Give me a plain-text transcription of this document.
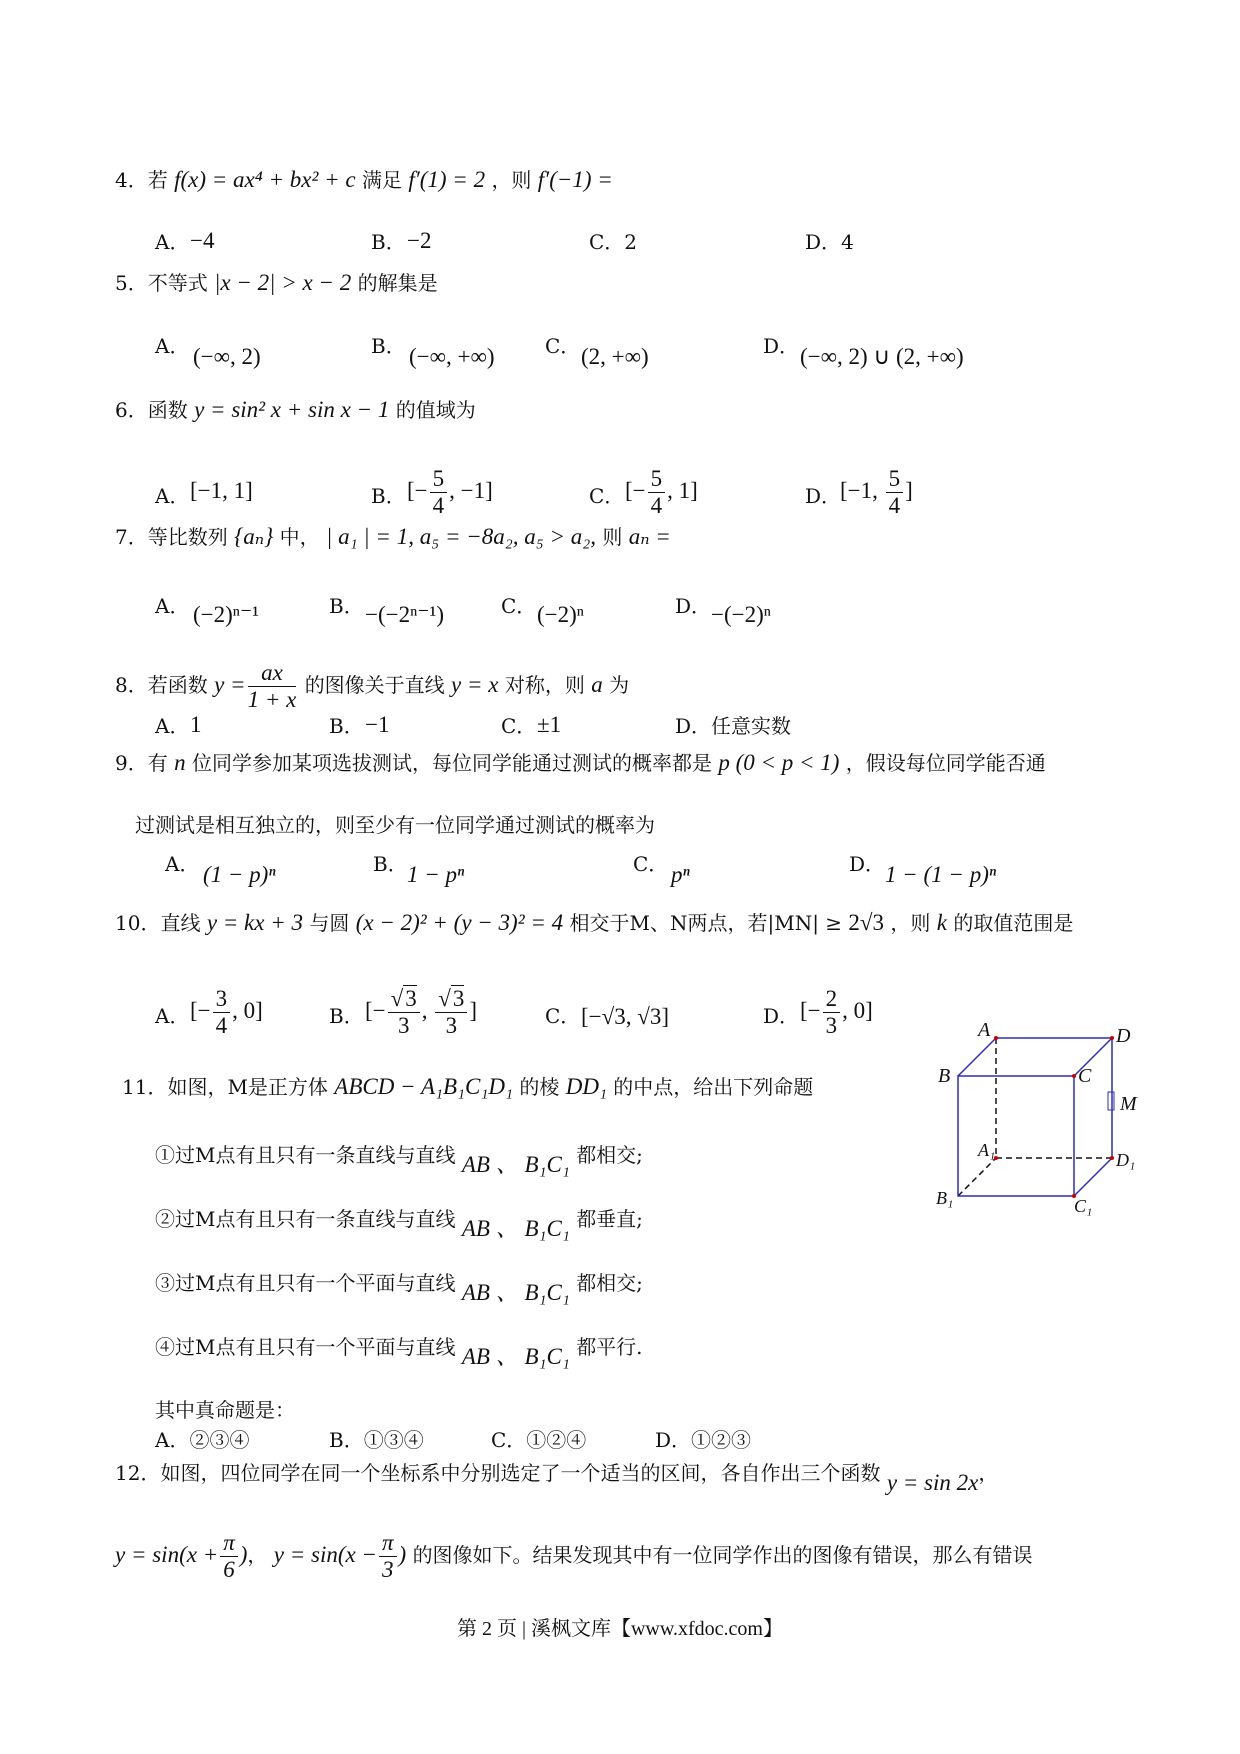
4．若 f(x) = ax⁴ + bx² + c 满足 f′(1) = 2 ，则 f′(−1) =
A． −4	B． −2	C．2	D．4
5．不等式 |x − 2| > x − 2 的解集是
A． (−∞, 2)	B． (−∞, +∞)	C． (2, +∞)	D． (−∞, 2) ∪ (2, +∞)
6．函数 y = sin² x + sin x − 1 的值域为
A． [−1, 1]	B． [− $\frac{5}{4}$ , −1]	C． [− $\frac{5}{4}$ , 1]	D．
[−1, $\frac{5}{4}$ ]
7．等比数列 {aₙ} 中， | a₁ | = 1, a₅ = −8a₂, a₅ > a₂, 则 aₙ =
A． (−2)ⁿ⁻¹	B． −(−2ⁿ⁻¹)	C． (−2)ⁿ	D． −(−2)ⁿ
8．若函数 $y = \frac{ax}{1 + x}$ 的图像关于直线 y = x 对称，则 a 为
A． 1	B． −1	C． ±1	D．任意实数
9．有 n 位同学参加某项选拔测试，每位同学能通过测试的概率都是 p (0 < p < 1) ，假设每位同学能否通
过测试是相互独立的，则至少有一位同学通过测试的概率为
A． (1 − p)ⁿ	B． 1 − pⁿ	C． pⁿ	D． 1 − (1 − p)ⁿ
10．直线 y = kx + 3 与圆 (x − 2)² + (y − 3)² = 4 相交于M、N两点，若|MN| ≥ 2√3 ，则 k 的取值范围是
A． [− $\frac{3}{4}$ , 0]	B． [− $\frac{√3}{3}$ , $\frac{√3}{3}$ ]	C． [−√3, √3]	D． [− $\frac{2}{3}$ , 0]
11．如图，M是正方体 ABCD − A₁B₁C₁D₁ 的棱 DD₁ 的中点，给出下列命题
①过M点有且只有一条直线与直线 AB 、 B₁C₁ 都相交;
②过M点有且只有一条直线与直线 AB 、 B₁C₁ 都垂直;
③过M点有且只有一个平面与直线 AB 、 B₁C₁ 都相交;
④过M点有且只有一个平面与直线 AB 、 B₁C₁ 都平行.
其中真命题是：
A．②③④	B．①③④	C．①②④	D．①②③
A	D
B	C
M
A₁	D₁
B₁	C₁
12．如图，四位同学在同一个坐标系中分别选定了一个适当的区间，各自作出三个函数 y = sin 2x，
$y = \sin(x + \frac{\pi}{6}$ )， $y = \sin(x - \frac{\pi}{3}$ ) 的图像如下。结果发现其中有一位同学作出的图像有错误，那么有错误
第 2 页 | 溪枫文库【www.xfdoc.com】
